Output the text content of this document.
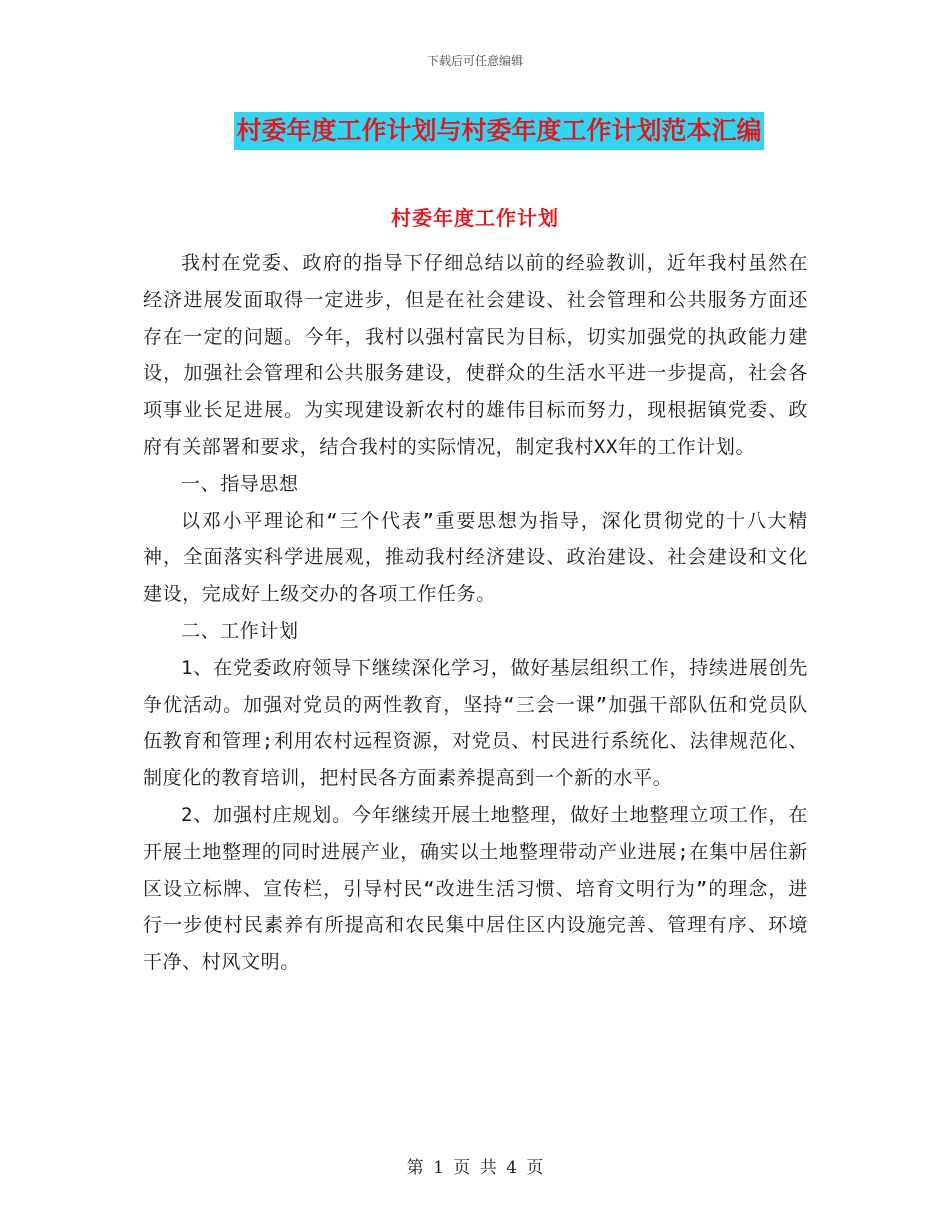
下载后可任意编辑
村委年度工作计划与村委年度工作计划范本汇编
村委年度工作计划

我村在党委、政府的指导下仔细总结以前的经验教训，近年我村虽然在经济进展发面取得一定进步，但是在社会建设、社会管理和公共服务方面还存在一定的问题。今年，我村以强村富民为目标，切实加强党的执政能力建设，加强社会管理和公共服务建设，使群众的生活水平进一步提高，社会各项事业长足进展。为实现建设新农村的雄伟目标而努力，现根据镇党委、政府有关部署和要求，结合我村的实际情况，制定我村XX年的工作计划。

一、指导思想

以邓小平理论和“三个代表”重要思想为指导，深化贯彻党的十八大精神，全面落实科学进展观，推动我村经济建设、政治建设、社会建设和文化建设，完成好上级交办的各项工作任务。

二、工作计划

1、在党委政府领导下继续深化学习，做好基层组织工作，持续进展创先争优活动。加强对党员的两性教育，坚持“三会一课”加强干部队伍和党员队伍教育和管理;利用农村远程资源，对党员、村民进行系统化、法律规范化、制度化的教育培训，把村民各方面素养提高到一个新的水平。

2、加强村庄规划。今年继续开展土地整理，做好土地整理立项工作，在开展土地整理的同时进展产业，确实以土地整理带动产业进展;在集中居住新区设立标牌、宣传栏，引导村民“改进生活习惯、培育文明行为”的理念，进行一步使村民素养有所提高和农民集中居住区内设施完善、管理有序、环境干净、村风文明。

第 1 页 共 4 页
